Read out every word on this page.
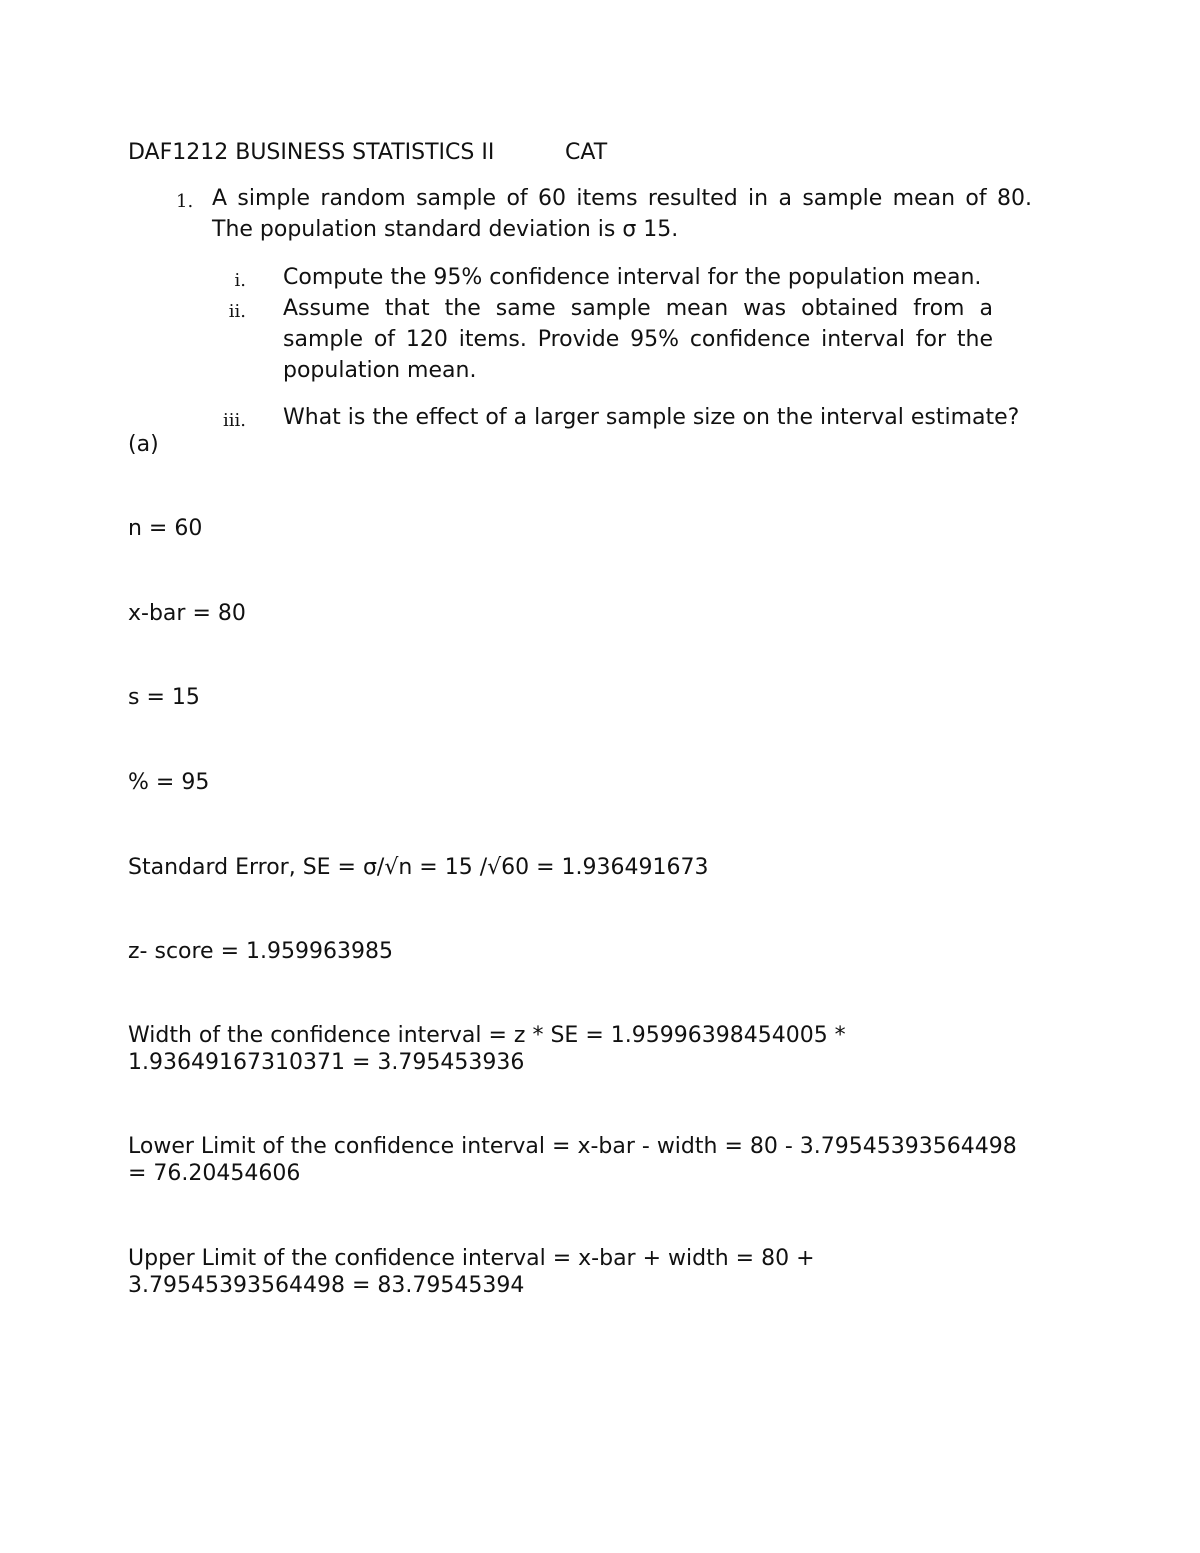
DAF1212 BUSINESS STATISTICS II	CAT
1. A simple random sample of 60 items resulted in a sample mean of 80. The population standard deviation is σ 15.
i. Compute the 95% confidence interval for the population mean.
ii. Assume that the same sample mean was obtained from a sample of 120 items. Provide 95% confidence interval for the population mean.
iii. What is the effect of a larger sample size on the interval estimate?
(a)
n = 60
x-bar = 80
s = 15
% = 95
Standard Error, SE = σ/√n = 15 /√60 = 1.936491673
z- score = 1.959963985
Width of the confidence interval = z * SE = 1.95996398454005 *
1.93649167310371 = 3.795453936
Lower Limit of the confidence interval = x-bar - width = 80 - 3.79545393564498
= 76.20454606
Upper Limit of the confidence interval = x-bar + width = 80 +
3.79545393564498 = 83.79545394
